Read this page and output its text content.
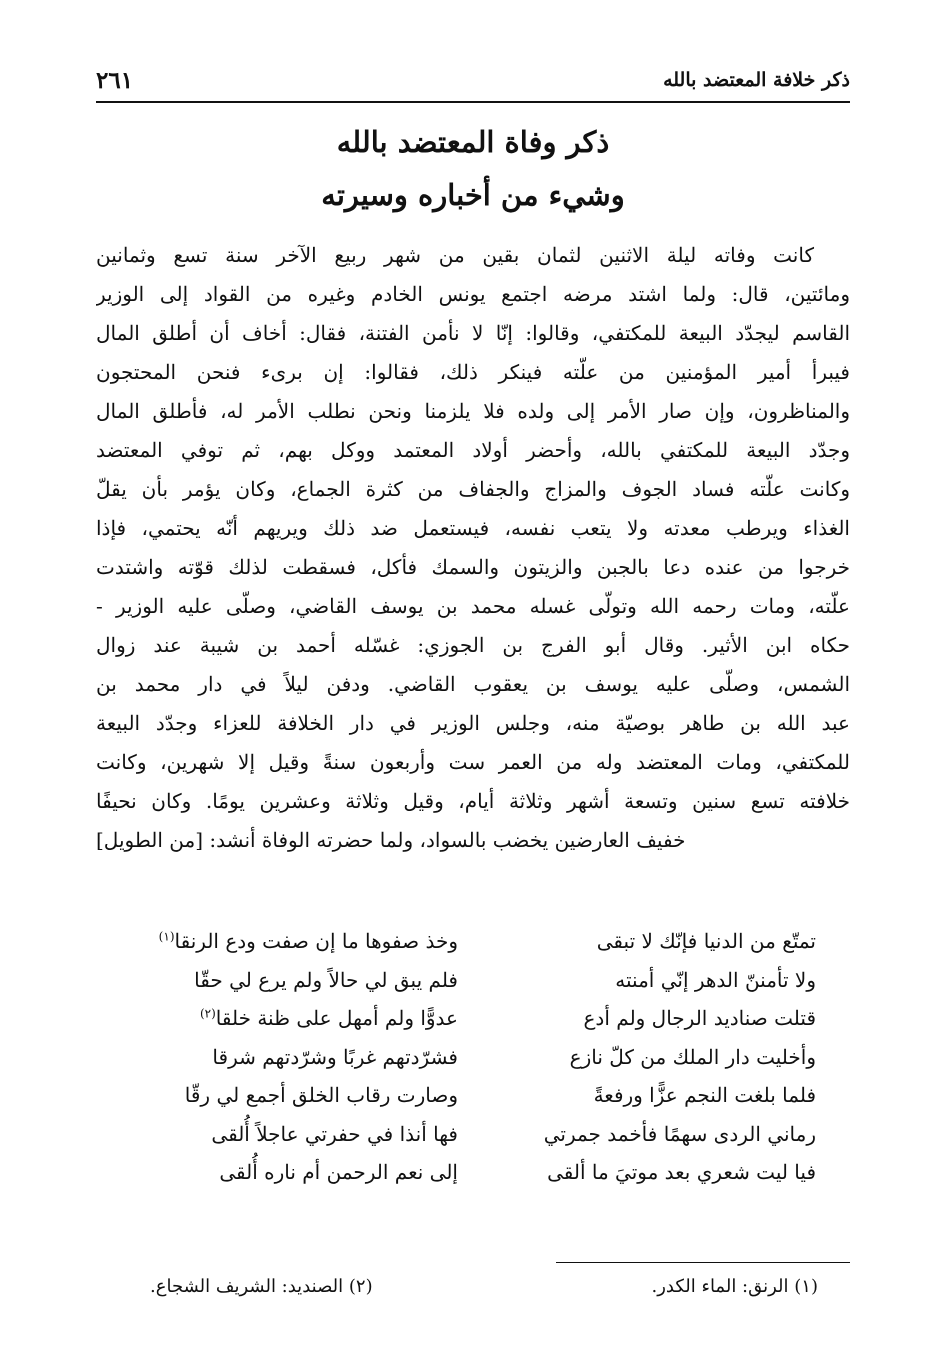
٢٦١	ذكر خلافة المعتضد بالله
ذكر وفاة المعتضد بالله
وشيء من أخباره وسيرته
كانت وفاته ليلة الاثنين لثمان بقين من شهر ربيع الآخر سنة تسع وثمانين
ومائتين، قال: ولما اشتد مرضه اجتمع يونس الخادم وغيره من القواد إلى الوزير
القاسم ليجدّد البيعة للمكتفي، وقالوا: إنّا لا نأمن الفتنة، فقال: أخاف أن أطلق المال
فيبرأ أمير المؤمنين من علّته فينكر ذلك، فقالوا: إن برىء فنحن المحتجون
والمناظرون، وإن صار الأمر إلى ولده فلا يلزمنا ونحن نطلب الأمر له، فأطلق المال
وجدّد البيعة للمكتفي بالله، وأحضر أولاد المعتمد ووكل بهم، ثم توفي المعتضد
وكانت علّته فساد الجوف والمزاج والجفاف من كثرة الجماع، وكان يؤمر بأن يقلّ
الغذاء ويرطب معدته ولا يتعب نفسه، فيستعمل ضد ذلك ويريهم أنّه يحتمي، فإذا
خرجوا من عنده دعا بالجبن والزيتون والسمك فأكل، فسقطت لذلك قوّته واشتدت
علّته، ومات رحمه الله وتولّى غسله محمد بن يوسف القاضي، وصلّى عليه الوزير -
حكاه ابن الأثير. وقال أبو الفرج بن الجوزي: غسّله أحمد بن شيبة عند زوال
الشمس، وصلّى عليه يوسف بن يعقوب القاضي. ودفن ليلاً في دار محمد بن
عبد الله بن طاهر بوصيّة منه، وجلس الوزير في دار الخلافة للعزاء وجدّد البيعة
للمكتفي، ومات المعتضد وله من العمر ست وأربعون سنةً وقيل إلا شهرين، وكانت
خلافته تسع سنين وتسعة أشهر وثلاثة أيام، وقيل وثلاثة وعشرين يومًا. وكان نحيفًا
خفيف العارضين يخضب بالسواد، ولما حضرته الوفاة أنشد: [من الطويل]
تمتّع من الدنيا فإنّك لا تبقى
وخذ صفوها ما إن صفت ودع الرنقا$^{(١)}$
ولا تأمننّ الدهر إنّي أمنته
فلم يبق لي حالاً ولم يرع لي حقّا
قتلت صناديد الرجال ولم أدع
عدوًّا ولم أمهل على ظنة خلقا$^{(٢)}$
وأخليت دار الملك من كلّ نازع
فشرّدتهم غربًا وشرّدتهم شرقا
فلما بلغت النجم عزًّا ورفعةً
وصارت رقاب الخلق أجمع لي رقّا
رماني الردى سهمًا فأخمد جمرتي
فها أنذا في حفرتي عاجلاً أُلقى
فيا ليت شعري بعد موتيَ ما ألقى
إلى نعم الرحمن أم ناره أُلقى
(١) الرنق: الماء الكدر.
(٢) الصنديد: الشريف الشجاع.
